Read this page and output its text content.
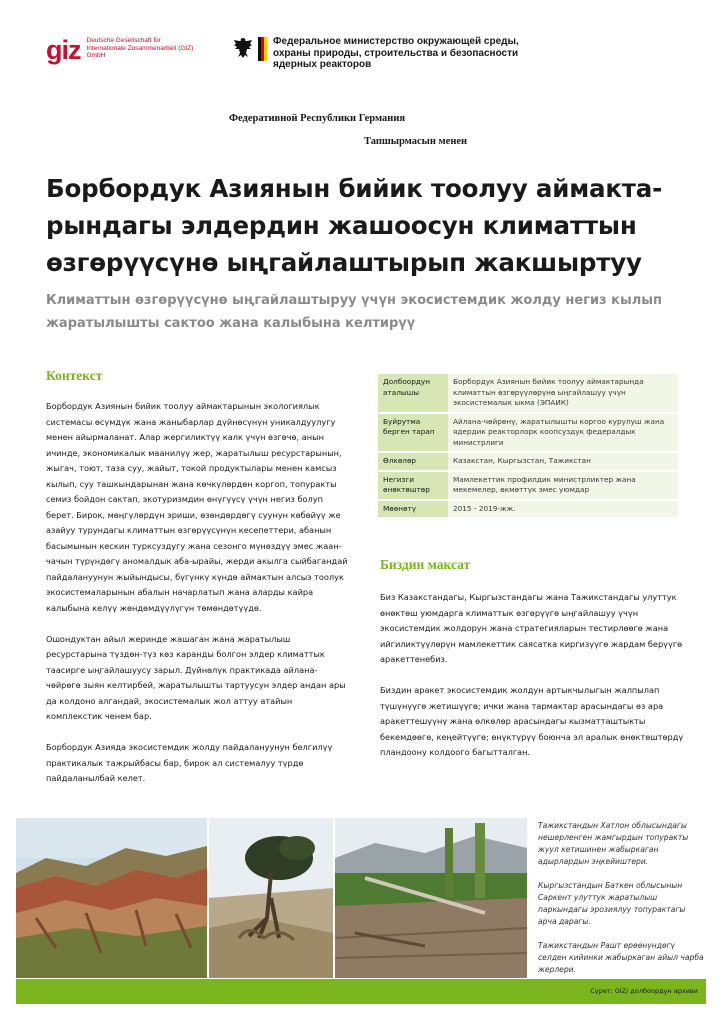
giz Deutsche Gesellschaft für Internationale Zusammenarbeit (GIZ) GmbH
Федеральное министерство окружающей среды, охраны природы, строительства и безопасности ядерных реакторов
Федеративной Республики Германия
Тапшырмасын менен
Борбордук Азиянын бийик тоолуу аймакта-рындагы элдердин жашоосун климаттын өзгөрүүсүнө ыңгайлаштырып жакшыртуу
Климаттын өзгөрүүсүнө ыңгайлаштыруу үчүн экосистемдик жолду негиз кылып жаратылышты сактоо жана калыбына келтирүү
Контекст

Борбордук Азиянын бийик тоолуу аймактарынын экологиялык системасы өсүмдүк жана жаныбарлар дүйнөсүнүн уникалдуулугу менен айырмаланат. Алар жергиликтүү калк үчүн өзгөчө, анын ичинде, экономикалык маанилүү жер, жаратылыш ресурстарынын, жыгач, тоют, таза суу, жайыт, токой продуктылары менен камсыз кылып, суу ташкындарынан жана көчкүлөрдөн коргоп, топуракты семиз бойдон сактап, экотуризмдин өнүгүүсү үчүн негиз болуп берет. Бирок, мөңгүлөрдүн эриши, өзөндөрдөгү суунун көбөйүү же азайуу турундагы климаттын өзгөрүүсүнүн кесепеттери, абанын басымынын кескин турксуздугу жана сезонго мүнөздүү эмес жаан-чачын түрүндөгү аномалдык аба-ырайы, жерди акылга сыйбагандай пайдалануунун жыйындысы, бүгүнкү күндө аймактын алсыз тоолук экосистемаларынын абалын начарлатып жана аларды кайра калыбына келүү жөндөмдүүлүгүн төмөндөтүүдө.

Ошондуктан айыл жеринде жашаган жана жаратылыш ресурстарына түздөн-түз көз каранды болгон элдер климаттык таасирге ыңгайлашуусу зарыл. Дүйнөлүк практикада айлана-чөйрөгө зыян келтирбей, жаратылышты тартуусун элдер андан ары да колдоно алгандай, экосистемалык жол аттуу атайын комплекстик ченем бар.

Борбордук Азияда экосистемдик жолду пайдалануунун белгилүү практикалык тажрыйбасы бар, бирок ал системалуу түрдө пайдаланылбай келет.

Долбоордун аталышы	Борбордук Азиянын бийик тоолуу аймактарында климаттын өзгөрүүлөрүнө ыңгайлашуу үчүн экосистемалык ыкма (ЭПАИК)
Буйрутма берген тарап	Айлана-чөйрөнү, жаратылышты коргоо курулуш жана ядердик реакторлорк коопсуздук федералдык министрлиги
Өлкөлөр	Казакстан, Кыргызстан, Тажикстан
Негизги өнөктөштөр	Мамлекеттик профилдик министрликтер жана мекемелер, өкмөттүк эмес уюмдар
Мөөнөтү	2015 - 2019-жж.
Биздин максат

Биз Казакстандагы, Кыргызстандагы жана Тажикстандагы улуттук өнөктөш уюмдарга климаттык өзгөрүүгө ыңгайлашуу үчүн экосистемдик жолдорун жана стратегияларын тестирлөөгө жана ийгиликтүүлөрүн мамлекеттик саясатка киргизүүгө жардам берүүгө аракеттенебиз.

Биздин аракет экосистемдик жолдун артыкчылыгын жалпылап түшүнүүгө жетишүүгө; ички жана тармактар арасындагы өз ара аракеттешүүнү жана өлкөлөр арасындагы кызматташтыкты бекемдөөгө, кеңейтүүгө; өнүктүрүү боюнча эл аралык өнөктөштөрдү пландоону колдоого багытталган.

Тажикстандын Хатлон облысындагы нешерленген жамгырдын топуракты жуул кетишинен жабыркаган адырлардын эңкейиштери.

Кыргызстандын Баткен облысынын Саркент улуттук жаратылыш паркындагы эрозиялуу топурактагы арча дарагы.

Тажикстандын Рашт өрөөнүндөгү селден кийинки жабыркаган айыл чарба жерлери.

Сүрөт: GIZ/ долбоордун архиви
